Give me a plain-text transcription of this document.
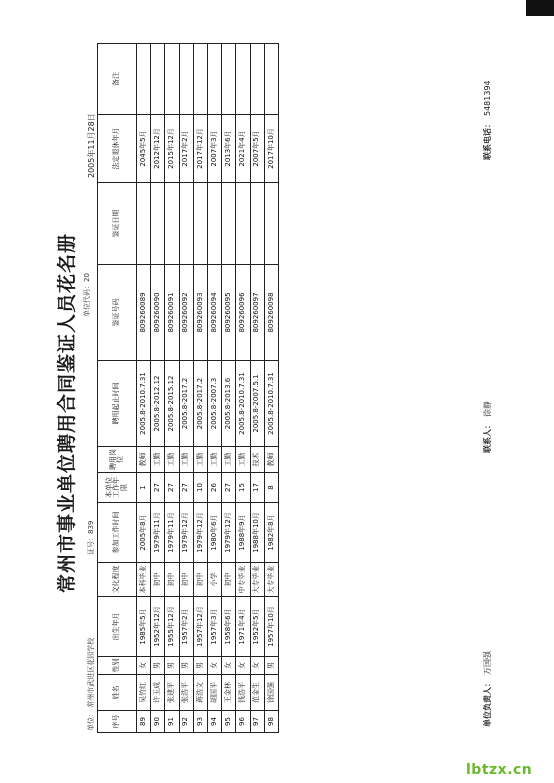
常州市事业单位聘用合同鉴证人员花名册
单位： 常州市武进区花园学校
证号：839
单位代码：20
2005年11月28日
序号	姓名	性别	出生年月	文化程度	参加工作时间	本单位工作年限	聘用岗位	聘用起止时间	鉴证号码	鉴证日期	法定退休年月	备注
89	吴竹红	女	1985年5月	本科毕业	2005年8月	1	教师	2005.8-2010.7.31	809260089		2045年5月	
90	许玉成	男	1952年12月	初中	1979年11月	27	工勤	2005.8-2012.12	809260090		2012年12月	
91	张建平	男	1955年12月	初中	1979年11月	27	工勤	2005.8-2015.12	809260091		2015年12月	
92	张浩平	男	1957年2月	初中	1979年12月	27	工勤	2005.8-2017.2	809260092		2017年2月	
93	蒋浩文	男	1957年12月	初中	1979年12月	10	工勤	2005.8-2017.2	809260093		2017年12月	
94	胡国平	女	1957年3月	小学	1980年6月	26	工勤	2005.8-2007.3	809260094		2007年3月	
95	王金林	女	1958年6月	初中	1979年12月	27	工勤	2005.8-2013.6	809260095		2013年6月	
96	钱浩平	女	1971年4月	中专毕业	1988年9月	15	工勤	2005.8-2010.7.31	809260096		2021年4月	
97	范金生	女	1952年5月	大专毕业	1988年10月	17	技术	2005.8-2007.5.1	809260097		2007年5月	
98	徐国强	男	1957年10月	大专毕业	1982年8月	8	教师	2005.8-2010.7.31	809260098		2017年10月	
单位负责人：万国强
联系人：徐静
联系电话：5481394
lbtzx.cn
